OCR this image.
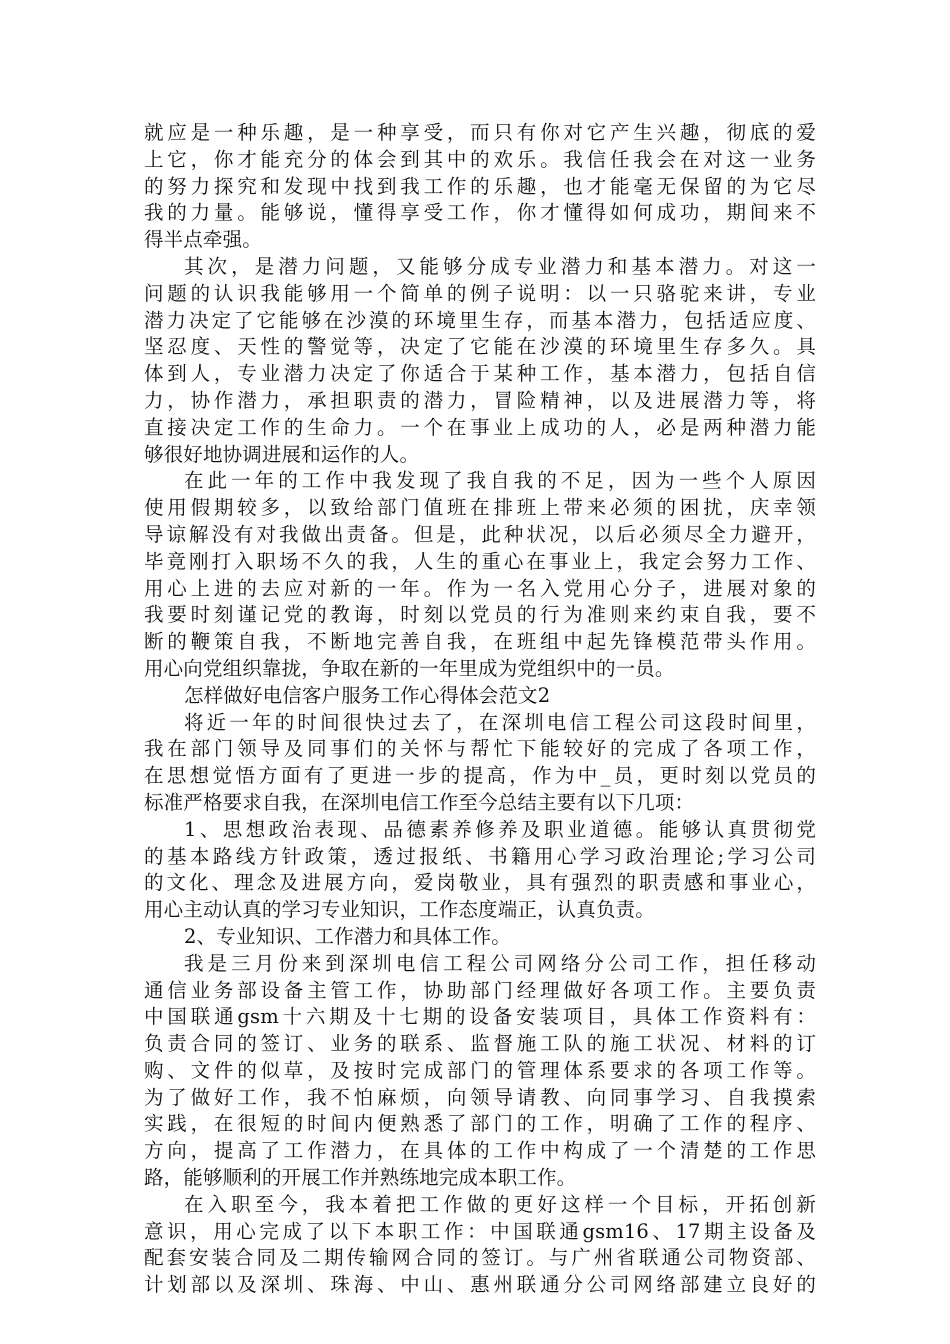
就应是一种乐趣，是一种享受，而只有你对它产生兴趣，彻底的爱
上它，你才能充分的体会到其中的欢乐。我信任我会在对这一业务
的努力探究和发现中找到我工作的乐趣，也才能毫无保留的为它尽
我的力量。能够说，懂得享受工作，你才懂得如何成功，期间来不
得半点牵强。
其次，是潜力问题，又能够分成专业潜力和基本潜力。对这一
问题的认识我能够用一个简单的例子说明：以一只骆驼来讲，专业
潜力决定了它能够在沙漠的环境里生存，而基本潜力，包括适应度、
坚忍度、天性的警觉等，决定了它能在沙漠的环境里生存多久。具
体到人，专业潜力决定了你适合于某种工作，基本潜力，包括自信
力，协作潜力，承担职责的潜力，冒险精神，以及进展潜力等，将
直接决定工作的生命力。一个在事业上成功的人，必是两种潜力能
够很好地协调进展和运作的人。
在此一年的工作中我发现了我自我的不足，因为一些个人原因
使用假期较多，以致给部门值班在排班上带来必须的困扰，庆幸领
导谅解没有对我做出责备。但是，此种状况，以后必须尽全力避开，
毕竟刚打入职场不久的我，人生的重心在事业上，我定会努力工作、
用心上进的去应对新的一年。作为一名入党用心分子，进展对象的
我要时刻谨记党的教诲，时刻以党员的行为准则来约束自我，要不
断的鞭策自我，不断地完善自我，在班组中起先锋模范带头作用。
用心向党组织靠拢，争取在新的一年里成为党组织中的一员。
怎样做好电信客户服务工作心得体会范文2
将近一年的时间很快过去了，在深圳电信工程公司这段时间里，
我在部门领导及同事们的关怀与帮忙下能较好的完成了各项工作，
在思想觉悟方面有了更进一步的提高，作为中_员，更时刻以党员的
标准严格要求自我，在深圳电信工作至今总结主要有以下几项：
1、思想政治表现、品德素养修养及职业道德。能够认真贯彻党
的基本路线方针政策，透过报纸、书籍用心学习政治理论;学习公司
的文化、理念及进展方向，爱岗敬业，具有强烈的职责感和事业心，
用心主动认真的学习专业知识，工作态度端正，认真负责。
2、专业知识、工作潜力和具体工作。
我是三月份来到深圳电信工程公司网络分公司工作，担任移动
通信业务部设备主管工作，协助部门经理做好各项工作。主要负责
中国联通gsm十六期及十七期的设备安装项目，具体工作资料有：
负责合同的签订、业务的联系、监督施工队的施工状况、材料的订
购、文件的似草，及按时完成部门的管理体系要求的各项工作等。
为了做好工作，我不怕麻烦，向领导请教、向同事学习、自我摸索
实践，在很短的时间内便熟悉了部门的工作，明确了工作的程序、
方向，提高了工作潜力，在具体的工作中构成了一个清楚的工作思
路，能够顺利的开展工作并熟练地完成本职工作。
在入职至今，我本着把工作做的更好这样一个目标，开拓创新
意识，用心完成了以下本职工作：中国联通gsm16、17期主设备及
配套安装合同及二期传输网合同的签订。与广州省联通公司物资部、
计划部以及深圳、珠海、中山、惠州联通分公司网络部建立良好的
